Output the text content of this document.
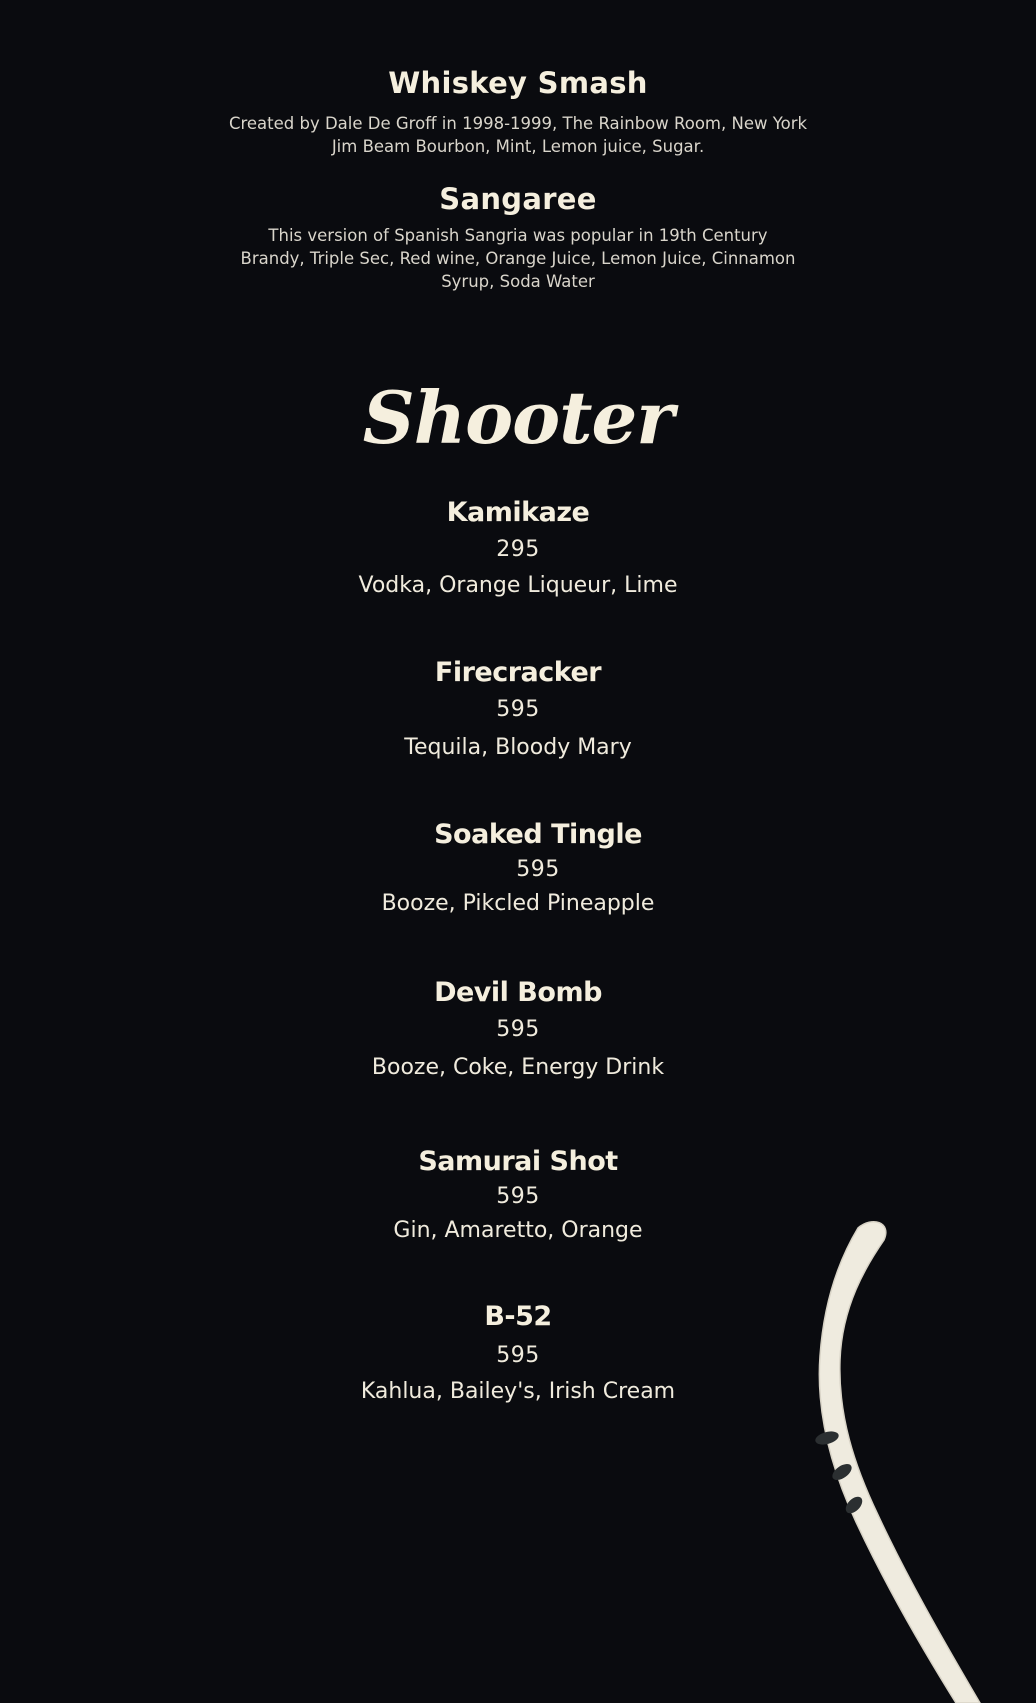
Whiskey Smash

Created by Dale De Groff in 1998-1999, The Rainbow Room, New York

Jim Beam Bourbon, Mint, Lemon juice, Sugar.

Sangaree

This version of Spanish Sangria was popular in 19th Century

Brandy, Triple Sec, Red wine, Orange Juice, Lemon Juice, Cinnamon

Syrup, Soda Water

Shooter
Kamikaze
295
Vodka, Orange Liqueur, Lime
Firecracker
595
Tequila, Bloody Mary
Soaked Tingle
595
Booze, Pikcled Pineapple
Devil Bomb
595
Booze, Coke, Energy Drink
Samurai Shot
595
Gin, Amaretto, Orange
B-52
595
Kahlua, Bailey's, Irish Cream
